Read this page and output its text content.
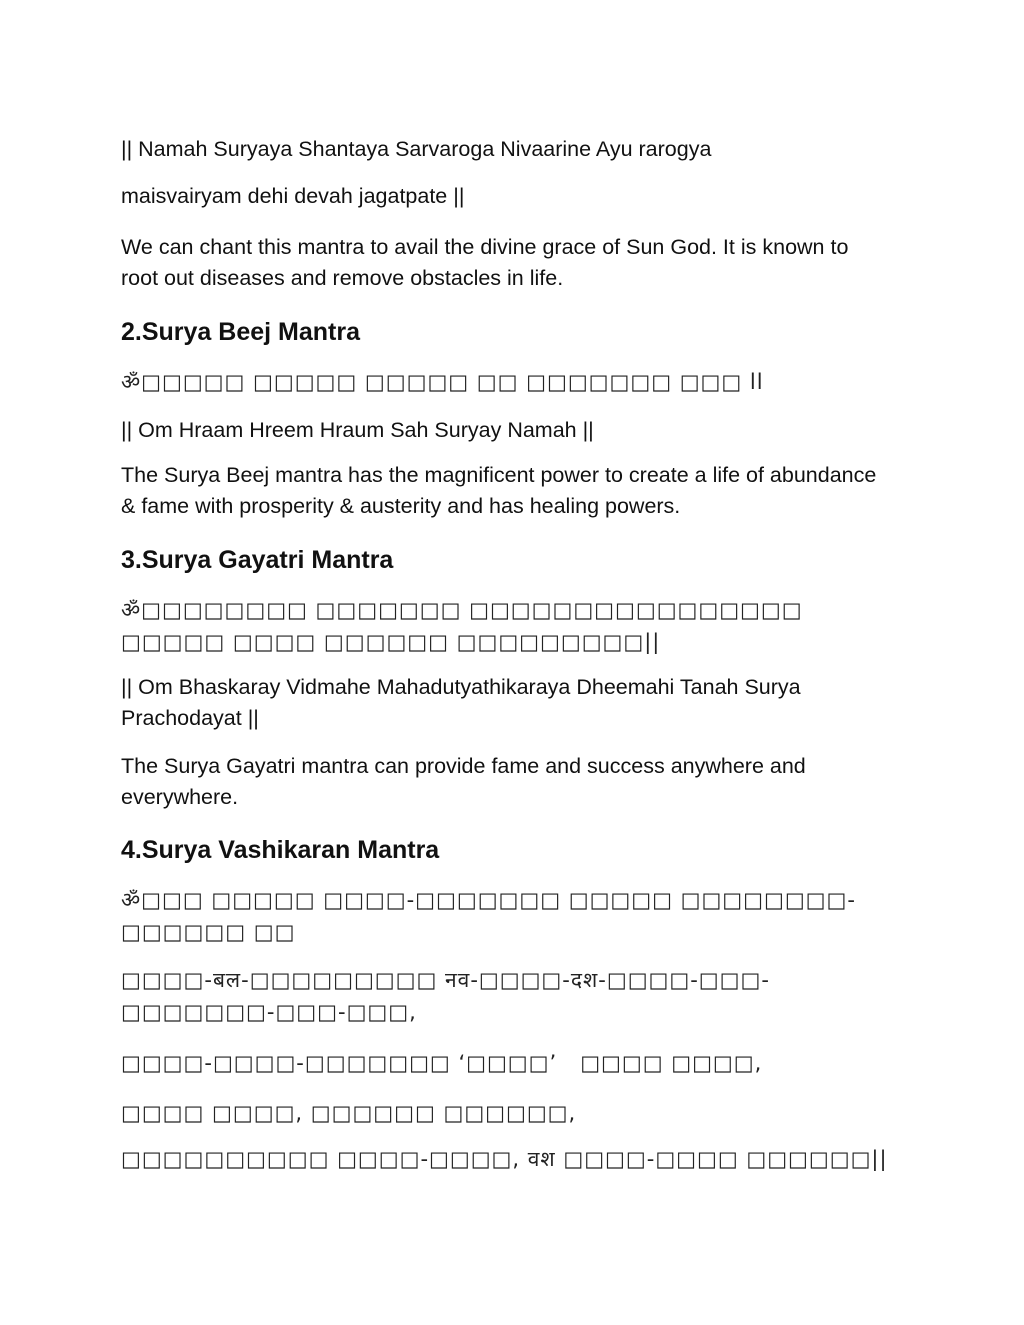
|| Namah Suryaya Shantaya Sarvaroga Nivaarine Ayu rarogya

maisvairyam dehi devah jagatpate ||

We can chant this mantra to avail the divine grace of Sun God. It is known to root out diseases and remove obstacles in life.

2.Surya Beej Mantra

ॐ□□□□□ □□□□□ □□□□□ □□ □□□□□□□ □□□ ll

|| Om Hraam Hreem Hraum Sah Suryay Namah ||

The Surya Beej mantra has the magnificent power to create a life of abundance & fame with prosperity & austerity and has healing powers.

3.Surya Gayatri Mantra

ॐ□□□□□□□□ □□□□□□□ □□□□□□□□□□□□□□□□ □□□□□ □□□□ □□□□□□ □□□□□□□□□||

|| Om Bhaskaray Vidmahe Mahadutyathikaraya Dheemahi Tanah Surya Prachodayat ||

The Surya Gayatri mantra can provide fame and success anywhere and everywhere.

4.Surya Vashikaran Mantra

ॐ□□□ □□□□□ □□□□-□□□□□□□ □□□□□ □□□□□□□□-□□□□□□ □□

□□□□-बल-□□□□□□□□□ नव-□□□□-दश-□□□□-□□□-□□□□□□□-□□□-□□□,

□□□□-□□□□-□□□□□□□ ‘□□□□’   □□□□ □□□□,

□□□□ □□□□, □□□□□□ □□□□□□,

□□□□□□□□□□ □□□□-□□□□, वश □□□□-□□□□ □□□□□□||
